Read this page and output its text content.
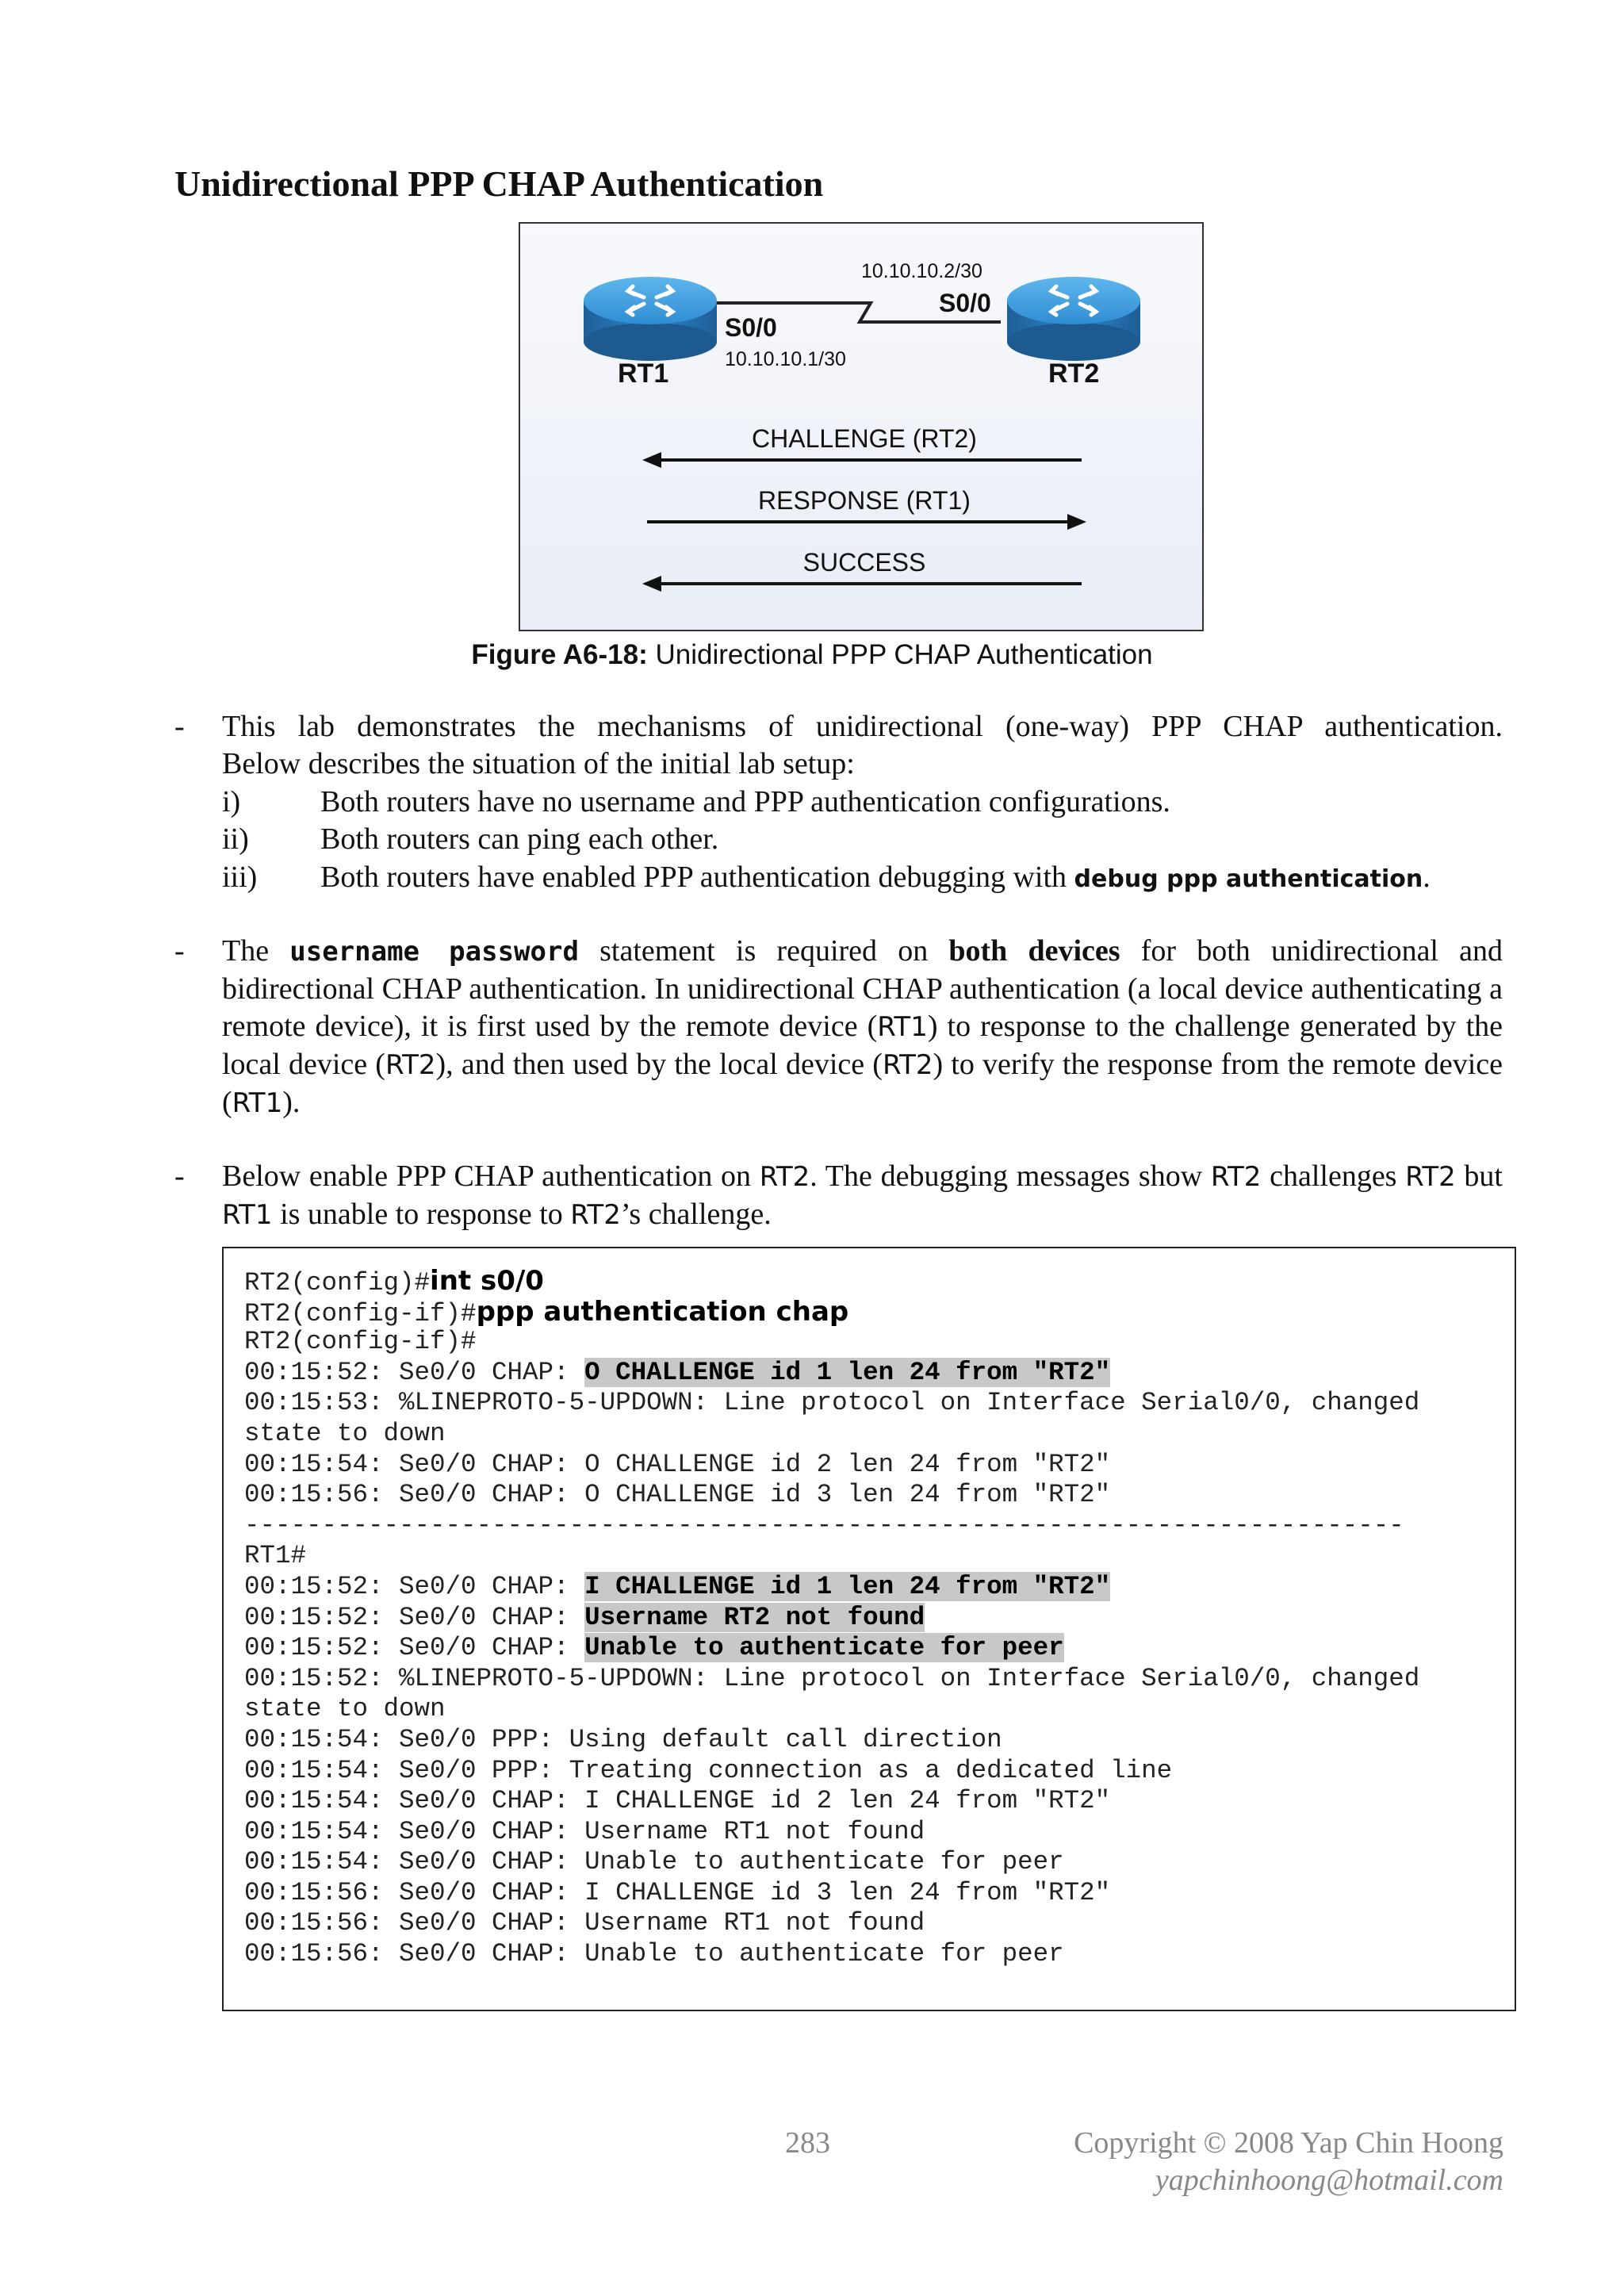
Unidirectional PPP CHAP Authentication
RT1	RT2
S0/0
10.10.10.1/30
10.10.10.2/30
S0/0
CHALLENGE (RT2)
RESPONSE (RT1)
SUCCESS
Figure A6-18: Unidirectional PPP CHAP Authentication
- This lab demonstrates the mechanisms of unidirectional (one-way) PPP CHAP authentication.
Below describes the situation of the initial lab setup:
i)	Both routers have no username and PPP authentication configurations.
ii) Both routers can ping each other.
iii) Both routers have enabled PPP authentication debugging with debug ppp authentication.
- The username password statement is required on both devices for both unidirectional and bidirectional CHAP authentication. In unidirectional CHAP authentication (a local device authenticating a remote device), it is first used by the remote device (RT1) to response to the challenge generated by the local device (RT2), and then used by the local device (RT2) to verify the response from the remote device (RT1).
- Below enable PPP CHAP authentication on RT2. The debugging messages show RT2 challenges RT2 but RT1 is unable to response to RT2’s challenge.
RT2(config)#int s0/0
RT2(config-if)#ppp authentication chap
RT2(config-if)#
00:15:52: Se0/0 CHAP: O CHALLENGE id 1 len 24 from "RT2"
00:15:53: %LINEPROTO-5-UPDOWN: Line protocol on Interface Serial0/0, changed
state to down
00:15:54: Se0/0 CHAP: O CHALLENGE id 2 len 24 from "RT2"
00:15:56: Se0/0 CHAP: O CHALLENGE id 3 len 24 from "RT2"
---------------------------------------------------------------------------
RT1#
00:15:52: Se0/0 CHAP: I CHALLENGE id 1 len 24 from "RT2"
00:15:52: Se0/0 CHAP: Username RT2 not found
00:15:52: Se0/0 CHAP: Unable to authenticate for peer
00:15:52: %LINEPROTO-5-UPDOWN: Line protocol on Interface Serial0/0, changed
state to down
00:15:54: Se0/0 PPP: Using default call direction
00:15:54: Se0/0 PPP: Treating connection as a dedicated line
00:15:54: Se0/0 CHAP: I CHALLENGE id 2 len 24 from "RT2"
00:15:54: Se0/0 CHAP: Username RT1 not found
00:15:54: Se0/0 CHAP: Unable to authenticate for peer
00:15:56: Se0/0 CHAP: I CHALLENGE id 3 len 24 from "RT2"
00:15:56: Se0/0 CHAP: Username RT1 not found
00:15:56: Se0/0 CHAP: Unable to authenticate for peer
283	Copyright © 2008 Yap Chin Hoong
yapchinhoong@hotmail.com
